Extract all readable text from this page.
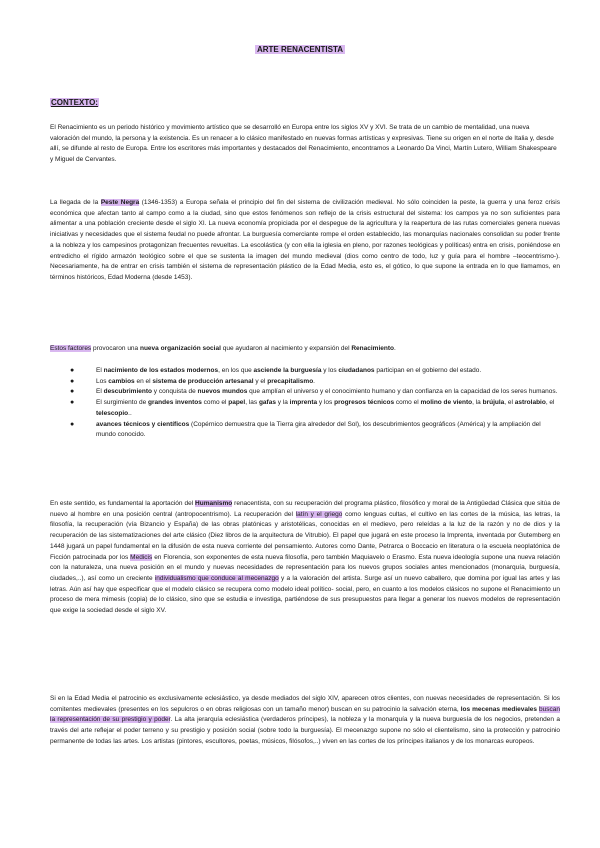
ARTE RENACENTISTA
CONTEXTO:

El Renacimiento es un periodo histórico y movimiento artístico que se desarrolló en Europa entre los siglos XV y XVI. Se trata de un cambio de mentalidad, una nueva valoración del mundo, la persona y la existencia. Es un renacer a lo clásico manifestado en nuevas formas artísticas y expresivas. Tiene su origen en el norte de Italia y, desde allí, se difunde al resto de Europa. Entre los escritores más importantes y destacados del Renacimiento, encontramos a Leonardo Da Vinci, Martín Lutero, William Shakespeare y Miguel de Cervantes.

La llegada de la Peste Negra (1346-1353) a Europa señala el principio del fin del sistema de civilización medieval. No sólo coinciden la peste, la guerra y una feroz crisis económica que afectan tanto al campo como a la ciudad, sino que estos fenómenos son reflejo de la crisis estructural del sistema: los campos ya no son suficientes para alimentar a una población creciente desde el siglo XI. La nueva economía propiciada por el despegue de la agricultura y la reapertura de las rutas comerciales genera nuevas iniciativas y necesidades que el sistema feudal no puede afrontar. La burguesía comerciante rompe el orden establecido, las monarquías nacionales consolidan su poder frente a la nobleza y los campesinos protagonizan frecuentes revueltas. La escolástica (y con ella la iglesia en pleno, por razones teológicas y políticas) entra en crisis, poniéndose en entredicho el rígido armazón teológico sobre el que se sustenta la imagen del mundo medieval (dios como centro de todo, luz y guía para el hombre –teocentrismo-). Necesariamente, ha de entrar en crisis también el sistema de representación plástico de la Edad Media, esto es, el gótico, lo que supone la entrada en lo que llamamos, en términos históricos, Edad Moderna (desde 1453).

Estos factores provocaron una nueva organización social que ayudaron al nacimiento y expansión del Renacimiento.

●	El nacimiento de los estados modernos, en los que asciende la burguesía y los ciudadanos participan en el gobierno del estado.
●	Los cambios en el sistema de producción artesanal y el precapitalismo.
●	El descubrimiento y conquista de nuevos mundos que amplían el universo y el conocimiento humano y dan confianza en la capacidad de los seres humanos.
●	El surgimiento de grandes inventos como el papel, las gafas y la imprenta y los progresos técnicos como el molino de viento, la brújula, el astrolabio, el telescopio..
●	avances técnicos y científicos (Copérnico demuestra que la Tierra gira alrededor del Sol), los descubrimientos geográficos (América) y la ampliación del mundo conocido.

En este sentido, es fundamental la aportación del Humanismo renacentista, con su recuperación del programa plástico, filosófico y moral de la Antigüedad Clásica que sitúa de nuevo al hombre en una posición central (antropocentrismo). La recuperación del latín y el griego como lenguas cultas, el cultivo en las cortes de la música, las letras, la filosofía, la recuperación (vía Bizancio y España) de las obras platónicas y aristotélicas, conocidas en el medievo, pero releídas a la luz de la razón y no de dios y la recuperación de las sistematizaciones del arte clásico (Diez libros de la arquitectura de Vitrubio). El papel que jugará en este proceso la Imprenta, inventada por Gutemberg en 1448 jugará un papel fundamental en la difusión de esta nueva corriente del pensamiento. Autores como Dante, Petrarca o Boccacio en literatura o la escuela neoplatónica de Ficción patrocinada por los Medicis en Florencia, son exponentes de esta nueva filosofía, pero también Maquiavelo o Erasmo. Esta nueva ideología supone una nueva relación con la naturaleza, una nueva posición en el mundo y nuevas necesidades de representación para los nuevos grupos sociales antes mencionados (monarquía, burguesía, ciudades,..), así como un creciente individualismo que conduce al mecenazgo y a la valoración del artista. Surge así un nuevo caballero, que domina por igual las artes y las letras. Aún así hay que especificar que el modelo clásico se recupera como modelo ideal político- social, pero, en cuanto a los modelos clásicos no supone el Renacimiento un proceso de mera mimesis (copia) de lo clásico, sino que se estudia e investiga, partiéndose de sus presupuestos para llegar a generar los nuevos modelos de representación que exige la sociedad desde el siglo XV.

Si en la Edad Media el patrocinio es exclusivamente eclesiástico, ya desde mediados del siglo XIV, aparecen otros clientes, con nuevas necesidades de representación. Si los comitentes medievales (presentes en los sepulcros o en obras religiosas con un tamaño menor) buscan en su patrocinio la salvación eterna, los mecenas medievales buscan la representación de su prestigio y poder. La alta jerarquía eclesiástica (verdaderos príncipes), la nobleza y la monarquía y la nueva burguesía de los negocios, pretenden a través del arte reflejar el poder terreno y su prestigio y posición social (sobre todo la burguesía). El mecenazgo supone no sólo el clientelismo, sino la protección y patrocinio permanente de todas las artes. Los artistas (pintores, escultores, poetas, músicos, filósofos,..) viven en las cortes de los príncipes italianos y de los monarcas europeos.
